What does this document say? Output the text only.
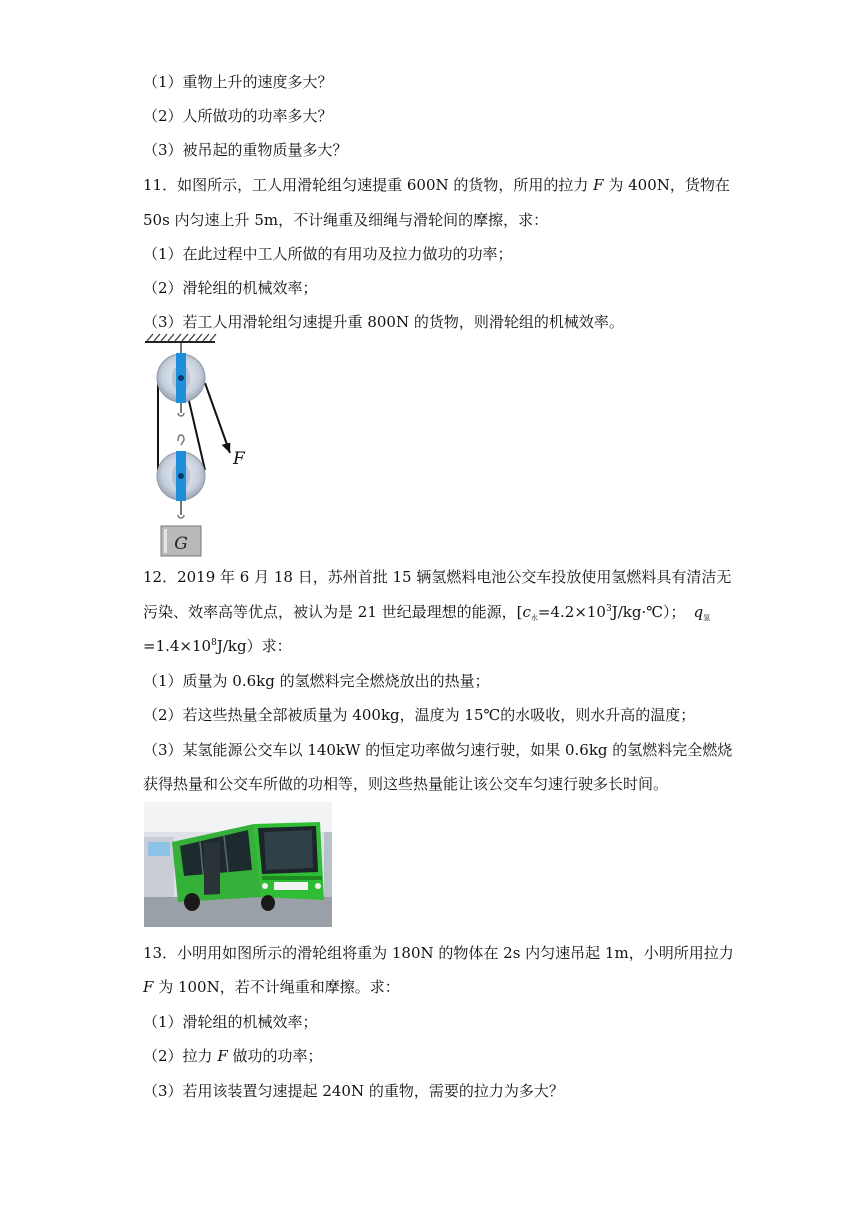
（1）重物上升的速度多大？
（2）人所做功的功率多大？
（3）被吊起的重物质量多大？
11．如图所示，工人用滑轮组匀速提重 600N 的货物，所用的拉力 F 为 400N，货物在
50s 内匀速上升 5m，不计绳重及细绳与滑轮间的摩擦，求：
（1）在此过程中工人所做的有用功及拉力做功的功率；
（2）滑轮组的机械效率；
（3）若工人用滑轮组匀速提升重 800N 的货物，则滑轮组的机械效率。
G
F
12．2019 年 6 月 18 日，苏州首批 15 辆氢燃料电池公交车投放使用氢燃料具有清洁无
污染、效率高等优点，被认为是 21 世纪最理想的能源，$[c_水=4.2\times 10^3J/kg\cdot℃)$； $q_氢$
$=1.4\times 10^8J/kg$）求：
（1）质量为 0.6kg 的氢燃料完全燃烧放出的热量；
（2）若这些热量全部被质量为 400kg，温度为 15℃的水吸收，则水升高的温度；
（3）某氢能源公交车以 140kW 的恒定功率做匀速行驶，如果 0.6kg 的氢燃料完全燃烧
获得热量和公交车所做的功相等，则这些热量能让该公交车匀速行驶多长时间。
13．小明用如图所示的滑轮组将重为 180N 的物体在 2s 内匀速吊起 1m，小明所用拉力
F 为 100N，若不计绳重和摩擦。求：
（1）滑轮组的机械效率；
（2）拉力 F 做功的功率；
（3）若用该装置匀速提起 240N 的重物，需要的拉力为多大？
